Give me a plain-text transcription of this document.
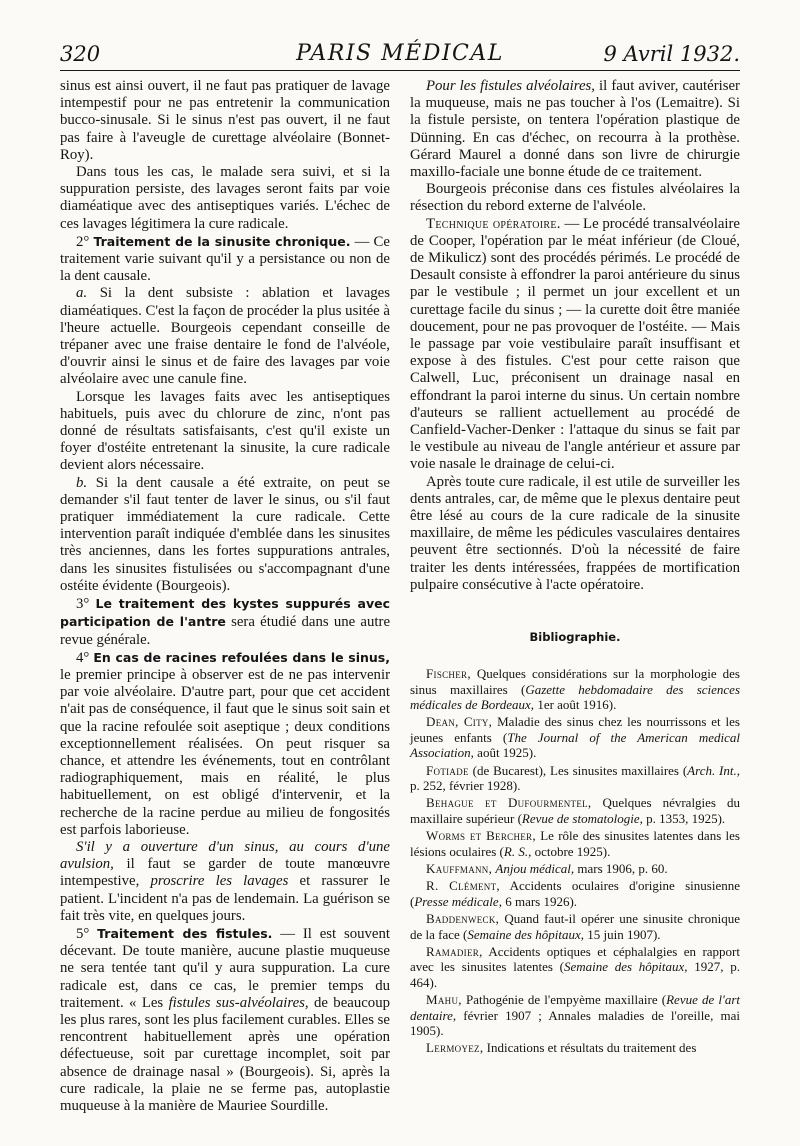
PARIS MÉDICAL
320	9 Avril 1932.

sinus est ainsi ouvert, il ne faut pas pratiquer de lavage intempestif pour ne pas entretenir la communication bucco-sinusale. Si le sinus n'est pas ouvert, il ne faut pas faire à l'aveugle de curettage alvéolaire (Bonnet-Roy).

Dans tous les cas, le malade sera suivi, et si la suppuration persiste, des lavages seront faits par voie diaméatique avec des antiseptiques variés. L'échec de ces lavages légitimera la cure radicale.

2° Traitement de la sinusite chronique. — Ce traitement varie suivant qu'il y a persistance ou non de la dent causale.

a. Si la dent subsiste : ablation et lavages diaméatiques. C'est la façon de procéder la plus usitée à l'heure actuelle. Bourgeois cependant conseille de trépaner avec une fraise dentaire le fond de l'alvéole, d'ouvrir ainsi le sinus et de faire des lavages par voie alvéolaire avec une canule fine.

Lorsque les lavages faits avec les antiseptiques habituels, puis avec du chlorure de zinc, n'ont pas donné de résultats satisfaisants, c'est qu'il existe un foyer d'ostéite entretenant la sinusite, la cure radicale devient alors nécessaire.

b. Si la dent causale a été extraite, on peut se demander s'il faut tenter de laver le sinus, ou s'il faut pratiquer immédiatement la cure radicale. Cette intervention paraît indiquée d'emblée dans les sinusites très anciennes, dans les fortes suppurations antrales, dans les sinusites fistulisées ou s'accompagnant d'une ostéite évidente (Bourgeois).

3° Le traitement des kystes suppurés avec participation de l'antre sera étudié dans une autre revue générale.

4° En cas de racines refoulées dans le sinus, le premier principe à observer est de ne pas intervenir par voie alvéolaire. D'autre part, pour que cet accident n'ait pas de conséquence, il faut que le sinus soit sain et que la racine refoulée soit aseptique ; deux conditions exceptionnellement réalisées. On peut risquer sa chance, et attendre les événements, tout en contrôlant radiographiquement, mais en réalité, le plus habituellement, on est obligé d'intervenir, et la recherche de la racine perdue au milieu de fongosités est parfois laborieuse.

S'il y a ouverture d'un sinus, au cours d'une avulsion, il faut se garder de toute manœuvre intempestive, proscrire les lavages et rassurer le patient. L'incident n'a pas de lendemain. La guérison se fait très vite, en quelques jours.

5° Traitement des fistules. — Il est souvent décevant. De toute manière, aucune plastie muqueuse ne sera tentée tant qu'il y aura suppuration. La cure radicale est, dans ce cas, le premier temps du traitement. « Les fistules sus-alvéolaires, de beaucoup les plus rares, sont les plus facilement curables. Elles se rencontrent habituellement après une opération défectueuse, soit par curettage incomplet, soit par absence de drainage nasal » (Bourgeois). Si, après la cure radicale, la plaie ne se ferme pas, autoplastie muqueuse à la manière de Mauriee Sourdille.

Pour les fistules alvéolaires, il faut aviver, cautériser la muqueuse, mais ne pas toucher à l'os (Lemaitre). Si la fistule persiste, on tentera l'opération plastique de Dünning. En cas d'échec, on recourra à la prothèse. Gérard Maurel a donné dans son livre de chirurgie maxillo-faciale une bonne étude de ce traitement.

Bourgeois préconise dans ces fistules alvéolaires la résection du rebord externe de l'alvéole.

Technique opératoire. — Le procédé transalvéolaire de Cooper, l'opération par le méat inférieur (de Cloué, de Mikulicz) sont des procédés périmés. Le procédé de Desault consiste à effondrer la paroi antérieure du sinus par le vestibule ; il permet un jour excellent et un curettage facile du sinus ; — la curette doit être maniée doucement, pour ne pas provoquer de l'ostéite. — Mais le passage par voie vestibulaire paraît insuffisant et expose à des fistules. C'est pour cette raison que Calwell, Luc, préconisent un drainage nasal en effondrant la paroi interne du sinus. Un certain nombre d'auteurs se rallient actuellement au procédé de Canfield-Vacher-Denker : l'attaque du sinus se fait par le vestibule au niveau de l'angle antérieur et assure par voie nasale le drainage de celui-ci.

Après toute cure radicale, il est utile de surveiller les dents antrales, car, de même que le plexus dentaire peut être lésé au cours de la cure radicale de la sinusite maxillaire, de même les pédicules vasculaires dentaires peuvent être sectionnés. D'où la nécessité de faire traiter les dents intéressées, frappées de mortification pulpaire consécutive à l'acte opératoire.

Bibliographie.

Fischer, Quelques considérations sur la morphologie des sinus maxillaires (Gazette hebdomadaire des sciences médicales de Bordeaux, 1er août 1916).

Dean, City, Maladie des sinus chez les nourrissons et les jeunes enfants (The Journal of the American medical Association, août 1925).

Fotiade (de Bucarest), Les sinusites maxillaires (Arch. Int., p. 252, février 1928).

Behague et Dufourmentel, Quelques névralgies du maxillaire supérieur (Revue de stomatologie, p. 1353, 1925).

Worms et Bercher, Le rôle des sinusites latentes dans les lésions oculaires (R. S., octobre 1925).

Kauffmann, Anjou médical, mars 1906, p. 60.

R. Clément, Accidents oculaires d'origine sinusienne (Presse médicale, 6 mars 1926).

Baddenweck, Quand faut-il opérer une sinusite chronique de la face (Semaine des hôpitaux, 15 juin 1907).

Ramadier, Accidents optiques et céphalalgies en rapport avec les sinusites latentes (Semaine des hôpitaux, 1927, p. 464).

Mahu, Pathogénie de l'empyème maxillaire (Revue de l'art dentaire, février 1907 ; Annales maladies de l'oreille, mai 1905).

Lermoyez, Indications et résultats du traitement des
